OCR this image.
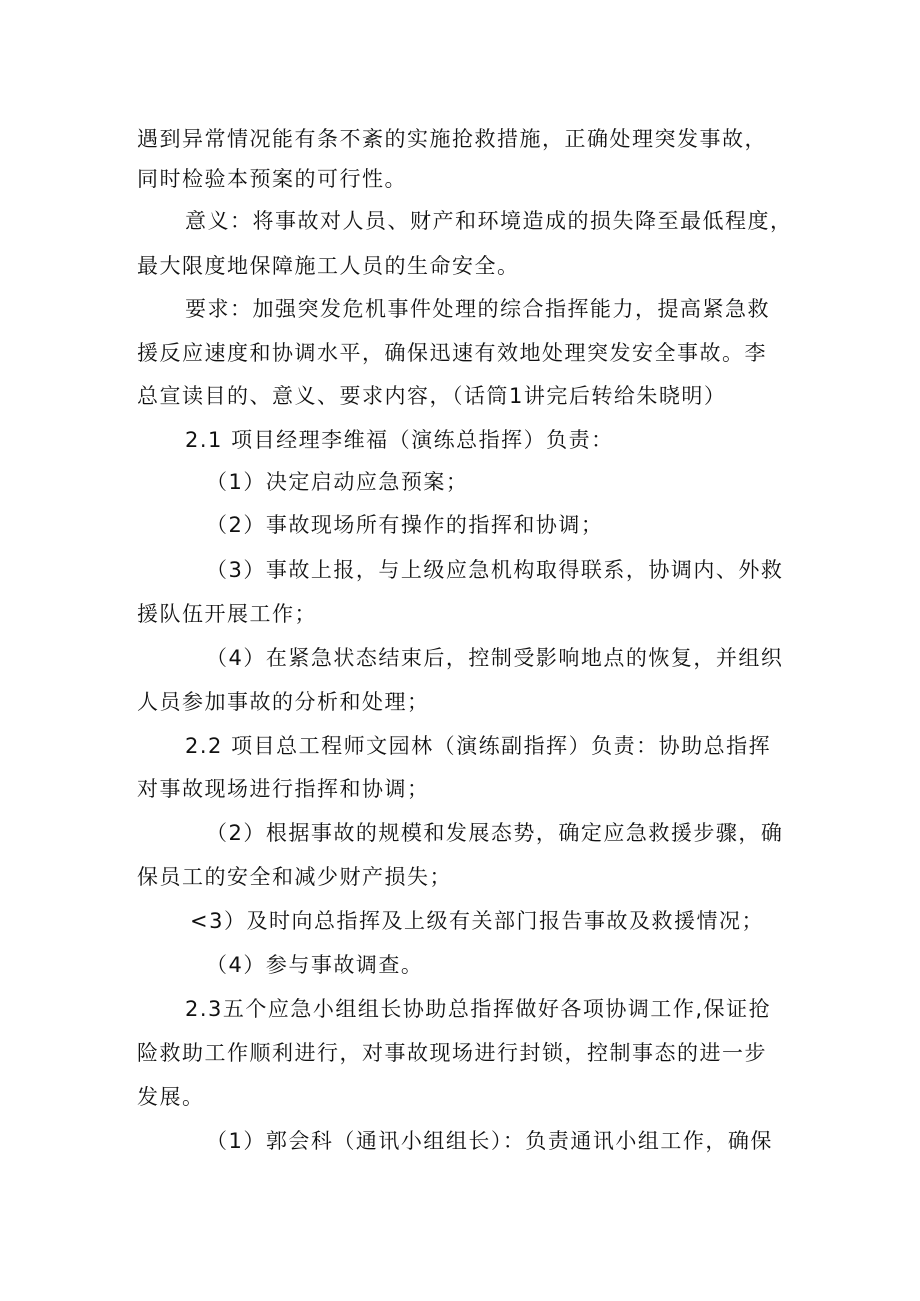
遇到异常情况能有条不紊的实施抢救措施，正确处理突发事故，
同时检验本预案的可行性。
意义：将事故对人员、财产和环境造成的损失降至最低程度，
最大限度地保障施工人员的生命安全。
要求：加强突发危机事件处理的综合指挥能力，提高紧急救
援反应速度和协调水平，确保迅速有效地处理突发安全事故。李
总宣读目的、意义、要求内容，（话筒1讲完后转给朱晓明）
2.1 项目经理李维福（演练总指挥）负责：
（1）决定启动应急预案；
（2）事故现场所有操作的指挥和协调；
（3）事故上报，与上级应急机构取得联系，协调内、外救
援队伍开展工作；
（4）在紧急状态结束后，控制受影响地点的恢复，并组织
人员参加事故的分析和处理；
2.2 项目总工程师文园林（演练副指挥）负责：协助总指挥
对事故现场进行指挥和协调；
（2）根据事故的规模和发展态势，确定应急救援步骤，确
保员工的安全和减少财产损失；
<3）及时向总指挥及上级有关部门报告事故及救援情况；
（4）参与事故调查。
2.3五个应急小组组长协助总指挥做好各项协调工作,保证抢
险救助工作顺利进行，对事故现场进行封锁，控制事态的进一步
发展。
（1）郭会科（通讯小组组长）：负责通讯小组工作，确保
